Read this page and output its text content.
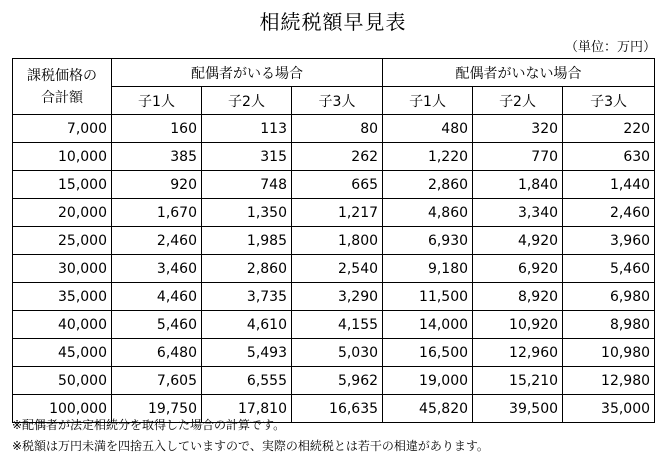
相続税額早見表
（単位：万円）
課税価格の
合計額	配偶者がいる場合			配偶者がいない場合		
	子1人	子2人	子3人	子1人	子2人	子3人
7,000	160	113	80	480	320	220
10,000	385	315	262	1,220	770	630
15,000	920	748	665	2,860	1,840	1,440
20,000	1,670	1,350	1,217	4,860	3,340	2,460
25,000	2,460	1,985	1,800	6,930	4,920	3,960
30,000	3,460	2,860	2,540	9,180	6,920	5,460
35,000	4,460	3,735	3,290	11,500	8,920	6,980
40,000	5,460	4,610	4,155	14,000	10,920	8,980
45,000	6,480	5,493	5,030	16,500	12,960	10,980
50,000	7,605	6,555	5,962	19,000	15,210	12,980
100,000	19,750	17,810	16,635	45,820	39,500	35,000
※配偶者が法定相続分を取得した場合の計算です。
※税額は万円未満を四捨五入していますので、実際の相続税とは若干の相違があります。
